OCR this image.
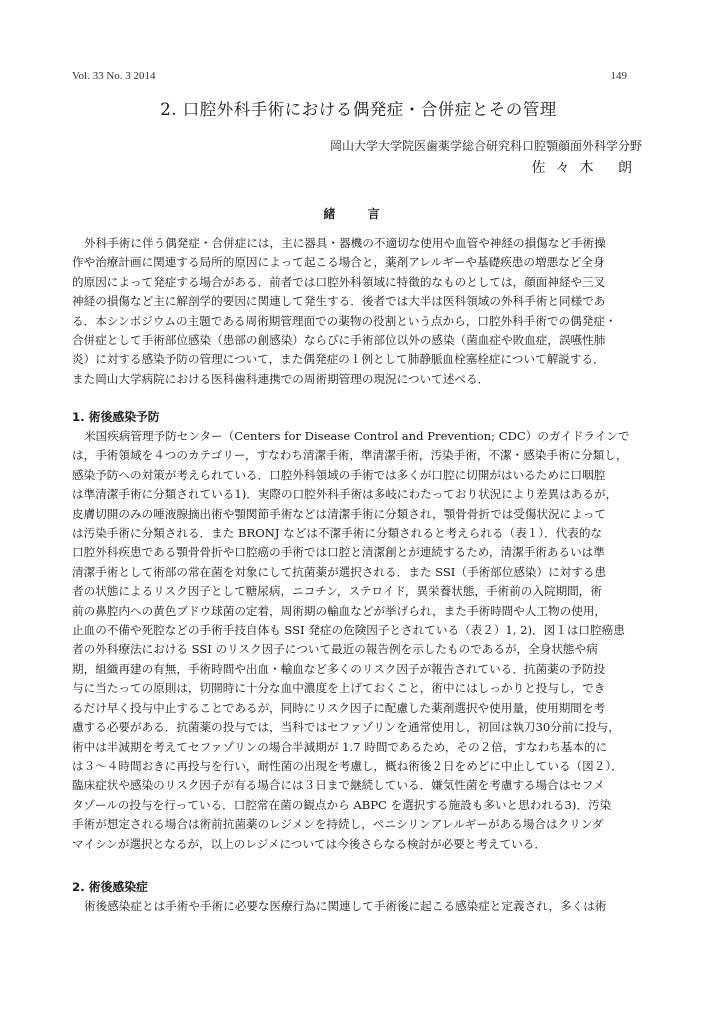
Vol. 33 No. 3 2014	149
2. 口腔外科手術における偶発症・合併症とその管理
岡山大学大学院医歯薬学総合研究科口腔顎顔面外科学分野
佐々木 朗
緒 言
外科手術に伴う偶発症・合併症には，主に器具・器機の不適切な使用や血管や神経の損傷など手術操
作や治療計画に関連する局所的原因によって起こる場合と，薬剤アレルギーや基礎疾患の増悪など全身
的原因によって発症する場合がある．前者では口腔外科領域に特徴的なものとしては，顔面神経や三叉
神経の損傷など主に解剖学的要因に関連して発生する．後者では大半は医科領域の外科手術と同様であ
る．本シンポジウムの主題である周術期管理面での薬物の役割という点から，口腔外科手術での偶発症・
合併症として手術部位感染（患部の創感染）ならびに手術部位以外の感染（菌血症や敗血症，誤嚥性肺
炎）に対する感染予防の管理について，また偶発症の１例として肺静脈血栓塞栓症について解説する．
また岡山大学病院における医科歯科連携での周術期管理の現況について述べる．
1. 術後感染予防
米国疾病管理予防センター（Centers for Disease Control and Prevention; CDC）のガイドラインで
は，手術領域を４つのカテゴリー，すなわち清潔手術，準清潔手術，汚染手術，不潔・感染手術に分類し，
感染予防への対策が考えられている．口腔外科領域の手術では多くが口腔に切開がはいるために口咽腔
は準清潔手術に分類されている1)．実際の口腔外科手術は多岐にわたっており状況により差異はあるが，
皮膚切開のみの唾液腺摘出術や顎関節手術などは清潔手術に分類され，顎骨骨折では受傷状況によって
は汚染手術に分類される．また BRONJ などは不潔手術に分類されると考えられる（表１）．代表的な
口腔外科疾患である顎骨骨折や口腔癌の手術では口腔と清潔創とが連続するため，清潔手術あるいは準
清潔手術として術部の常在菌を対象にして抗菌薬が選択される．また SSI（手術部位感染）に対する患
者の状態によるリスク因子として糖尿病，ニコチン，ステロイド，異栄養状態，手術前の入院期間，術
前の鼻腔内への黄色ブドウ球菌の定着，周術期の輸血などが挙げられ，また手術時間や人工物の使用，
止血の不備や死腔などの手術手技自体も SSI 発症の危険因子とされている（表２）1, 2)．図１は口腔癌患
者の外科療法における SSI のリスク因子について最近の報告例を示したものであるが，全身状態や病
期，組織再建の有無，手術時間や出血・輸血など多くのリスク因子が報告されている．抗菌薬の予防投
与に当たっての原則は，切開時に十分な血中濃度を上げておくこと，術中にはしっかりと投与し，でき
るだけ早く投与中止することであるが，同時にリスク因子に配慮した薬剤選択や使用量，使用期間を考
慮する必要がある．抗菌薬の投与では，当科ではセファゾリンを通常使用し，初回は執刀30分前に投与，
術中は半減期を考えてセファゾリンの場合半減期が 1.7 時間であるため，その２倍，すなわち基本的に
は３～４時間おきに再投与を行い，耐性菌の出現を考慮し，概ね術後２日をめどに中止している（図２）．
臨床症状や感染のリスク因子が有る場合には３日まで継続している．嫌気性菌を考慮する場合はセフメ
タゾールの投与を行っている．口腔常在菌の観点から ABPC を選択する施設も多いと思われる3)．汚染
手術が想定される場合は術前抗菌薬のレジメンを持続し，ペニシリンアレルギーがある場合はクリンダ
マイシンが選択となるが，以上のレジメについては今後さらなる検討が必要と考えている．
2. 術後感染症
術後感染症とは手術や手術に必要な医療行為に関連して手術後に起こる感染症と定義され，多くは術
